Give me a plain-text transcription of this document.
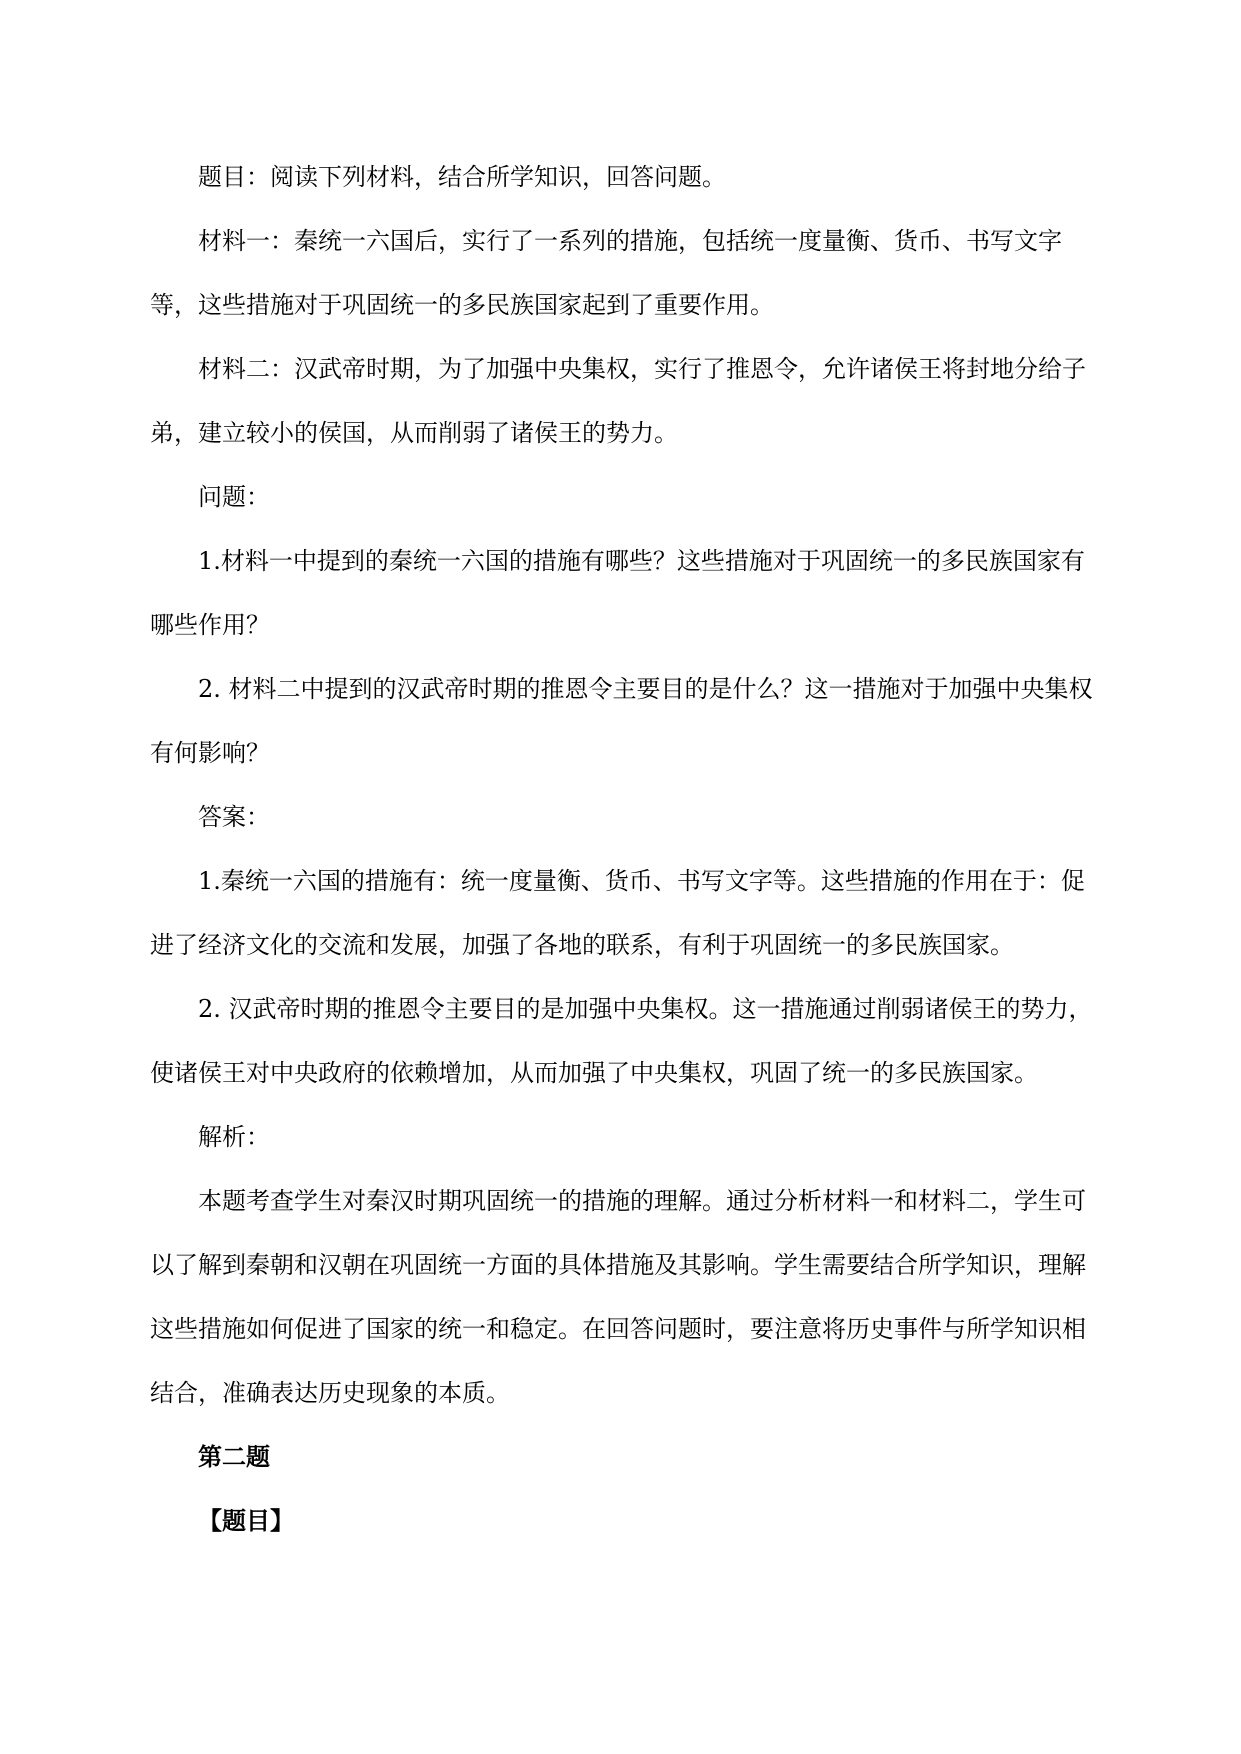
题目：阅读下列材料，结合所学知识，回答问题。

材料一：秦统一六国后，实行了一系列的措施，包括统一度量衡、货币、书写文字等，这些措施对于巩固统一的多民族国家起到了重要作用。

材料二：汉武帝时期，为了加强中央集权，实行了推恩令，允许诸侯王将封地分给子弟，建立较小的侯国，从而削弱了诸侯王的势力。

问题：

1.材料一中提到的秦统一六国的措施有哪些？这些措施对于巩固统一的多民族国家有哪些作用？

2. 材料二中提到的汉武帝时期的推恩令主要目的是什么？这一措施对于加强中央集权有何影响？

答案：

1.秦统一六国的措施有：统一度量衡、货币、书写文字等。这些措施的作用在于：促进了经济文化的交流和发展，加强了各地的联系，有利于巩固统一的多民族国家。

2. 汉武帝时期的推恩令主要目的是加强中央集权。这一措施通过削弱诸侯王的势力，使诸侯王对中央政府的依赖增加，从而加强了中央集权，巩固了统一的多民族国家。

解析：

本题考查学生对秦汉时期巩固统一的措施的理解。通过分析材料一和材料二，学生可以了解到秦朝和汉朝在巩固统一方面的具体措施及其影响。学生需要结合所学知识，理解这些措施如何促进了国家的统一和稳定。在回答问题时，要注意将历史事件与所学知识相结合，准确表达历史现象的本质。

第二题

【题目】
